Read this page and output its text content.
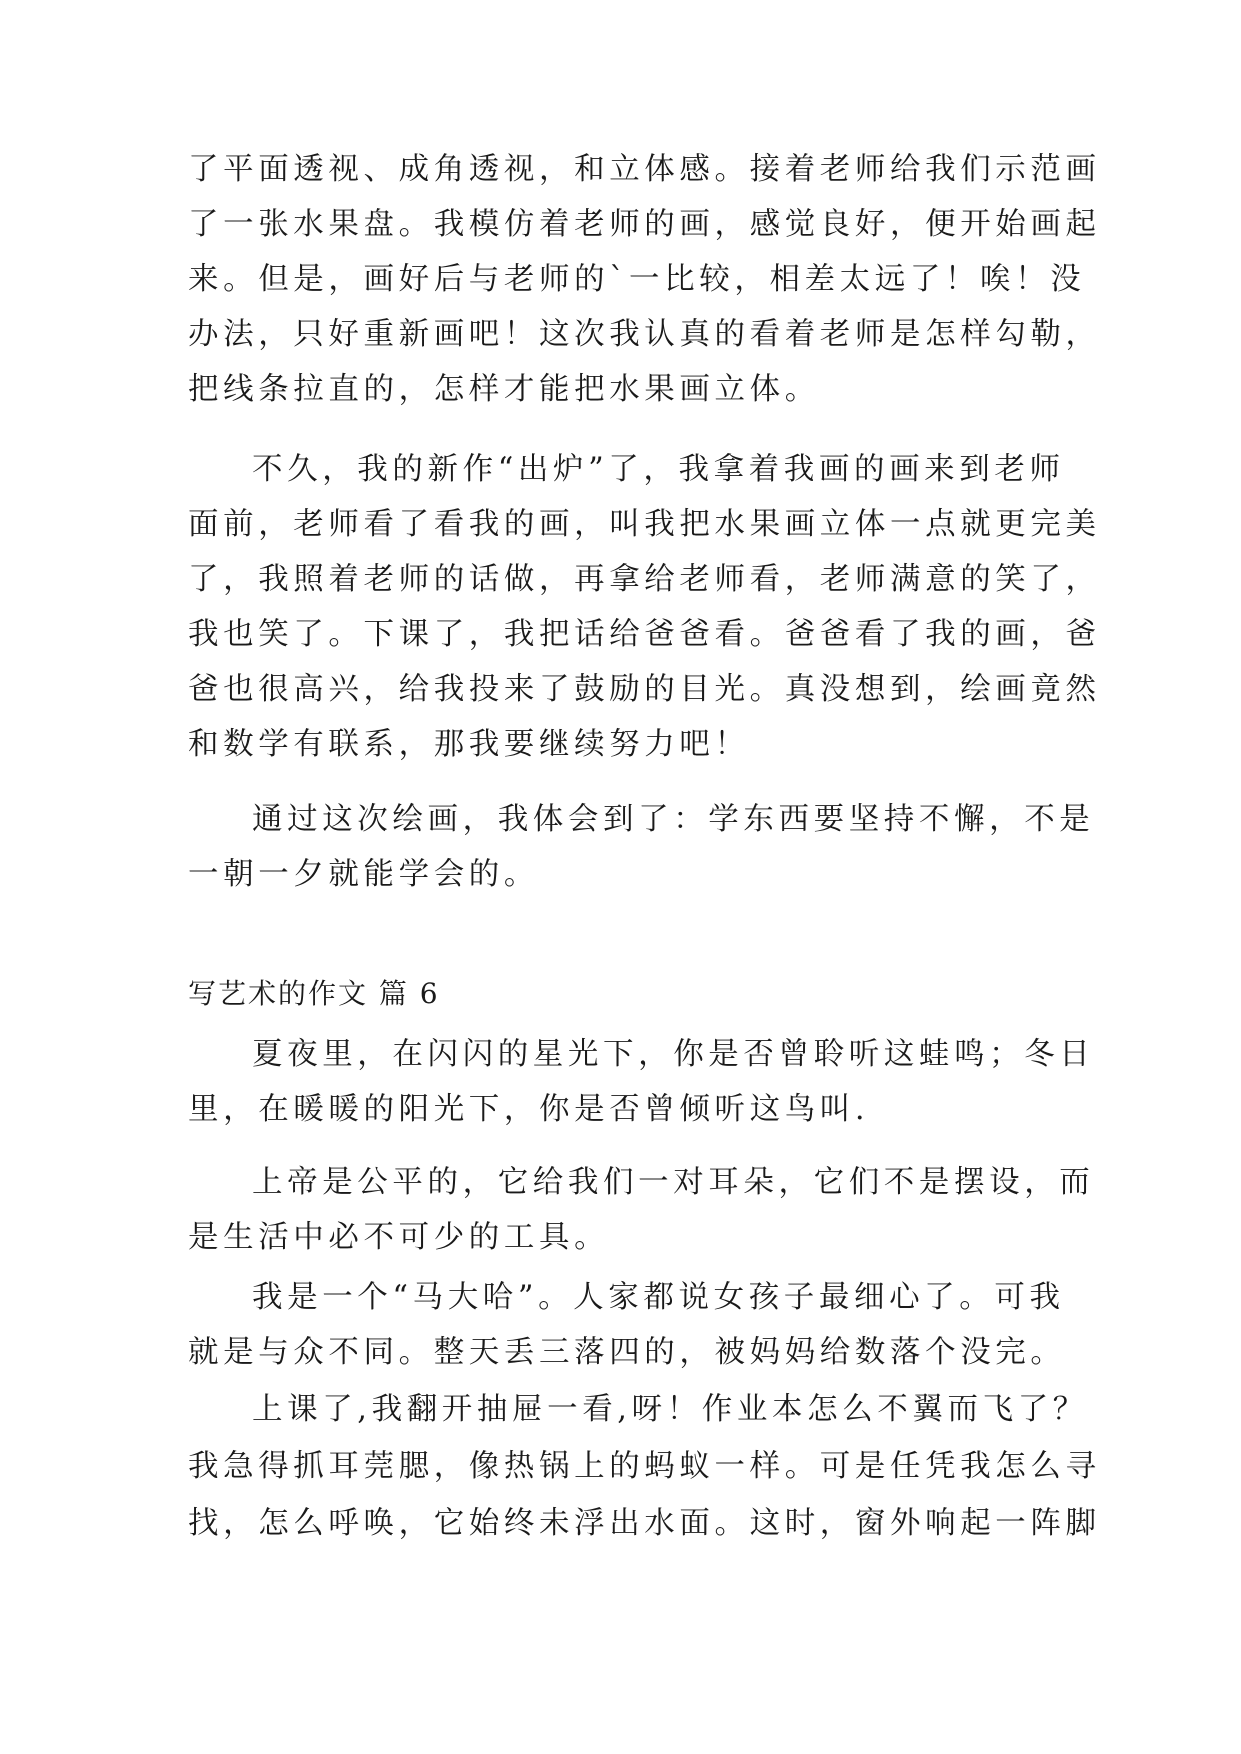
了平面透视、成角透视，和立体感。接着老师给我们示范画
了一张水果盘。我模仿着老师的画，感觉良好，便开始画起
来。但是，画好后与老师的`一比较，相差太远了！唉！没
办法，只好重新画吧！这次我认真的看着老师是怎样勾勒，
把线条拉直的，怎样才能把水果画立体。
不久，我的新作“出炉”了，我拿着我画的画来到老师
面前，老师看了看我的画，叫我把水果画立体一点就更完美
了，我照着老师的话做，再拿给老师看，老师满意的笑了，
我也笑了。下课了，我把话给爸爸看。爸爸看了我的画，爸
爸也很高兴，给我投来了鼓励的目光。真没想到，绘画竟然
和数学有联系，那我要继续努力吧！
通过这次绘画，我体会到了：学东西要坚持不懈，不是
一朝一夕就能学会的。
写艺术的作文 篇 6
夏夜里，在闪闪的星光下，你是否曾聆听这蛙鸣；冬日
里，在暖暖的阳光下，你是否曾倾听这鸟叫.
上帝是公平的，它给我们一对耳朵，它们不是摆设，而
是生活中必不可少的工具。
我是一个“马大哈”。人家都说女孩子最细心了。可我
就是与众不同。整天丢三落四的，被妈妈给数落个没完。
上课了,我翻开抽屉一看,呀！作业本怎么不翼而飞了？
我急得抓耳莞腮，像热锅上的蚂蚁一样。可是任凭我怎么寻
找，怎么呼唤，它始终未浮出水面。这时，窗外响起一阵脚
